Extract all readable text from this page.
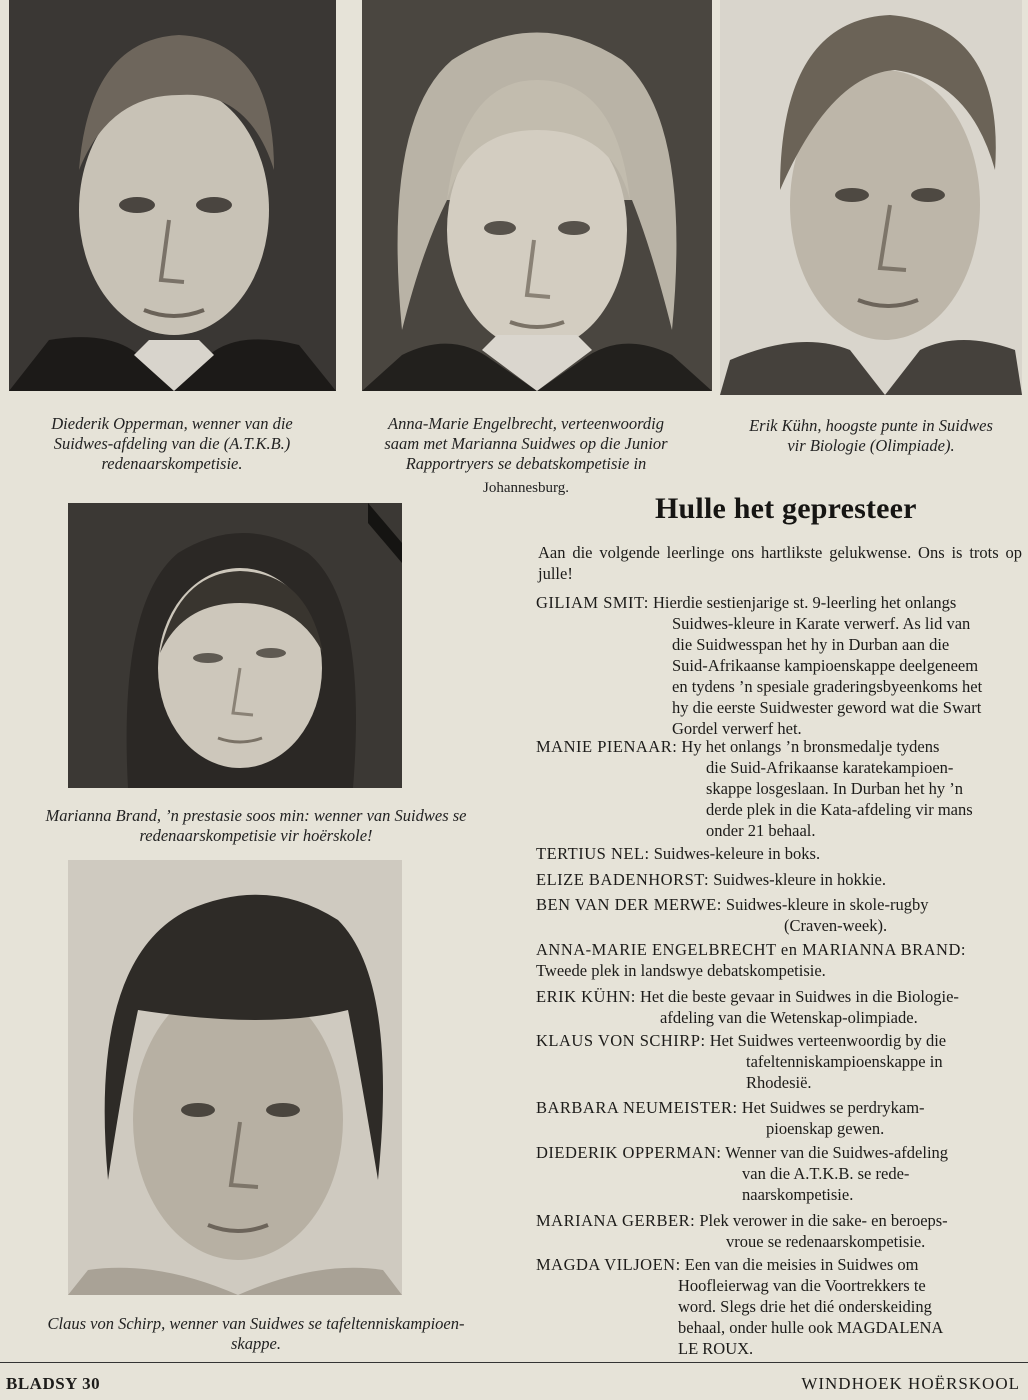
Diederik Opperman, wenner van die
Suidwes-afdeling van die (A.T.K.B.)
redenaarskompetisie.
Anna-Marie Engelbrecht, verteenwoordig
saam met Marianna Suidwes op die Junior
Rapportryers se debatskompetisie in
Johannesburg.
Erik Kühn, hoogste punte in Suidwes
vir Biologie (Olimpiade).
Marianna Brand, ’n prestasie soos min: wenner van Suidwes se
redenaarskompetisie vir hoërskole!
Claus von Schirp, wenner van Suidwes se tafeltenniskampioen-
skappe.
Hulle het gepresteer
Aan die volgende leerlinge ons hartlikste gelukwense. Ons is trots op julle!
GILIAM SMIT: Hierdie sestienjarige st. 9-leerling het onlangs
Suidwes-kleure in Karate verwerf. As lid van
die Suidwesspan het hy in Durban aan die
Suid-Afrikaanse kampioenskappe deelgeneem
en tydens ’n spesiale graderingsbyeenkoms het
hy die eerste Suidwester geword wat die Swart
Gordel verwerf het.
MANIE PIENAAR: Hy het onlangs ’n bronsmedalje tydens
die Suid-Afrikaanse karatekampioen-
skappe losgeslaan. In Durban het hy ’n
derde plek in die Kata-afdeling vir mans
onder 21 behaal.
TERTIUS NEL: Suidwes-keleure in boks.
ELIZE BADENHORST: Suidwes-kleure in hokkie.
BEN VAN DER MERWE: Suidwes-kleure in skole-rugby
(Craven-week).
ANNA-MARIE ENGELBRECHT en MARIANNA BRAND:
Tweede plek in landswye debatskompetisie.
ERIK KÜHN: Het die beste gevaar in Suidwes in die Biologie-
afdeling van die Wetenskap-olimpiade.
KLAUS VON SCHIRP: Het Suidwes verteenwoordig by die
tafeltenniskampioenskappe in
Rhodesië.
BARBARA NEUMEISTER: Het Suidwes se perdrykam-
pioenskap gewen.
DIEDERIK OPPERMAN: Wenner van die Suidwes-afdeling
van die A.T.K.B. se rede-
naarskompetisie.
MARIANA GERBER: Plek verower in die sake- en beroeps-
vroue se redenaarskompetisie.
MAGDA VILJOEN: Een van die meisies in Suidwes om
Hoofleierwag van die Voortrekkers te
word. Slegs drie het dié onderskeiding
behaal, onder hulle ook MAGDALENA
LE ROUX.
BLADSY 30	WINDHOEK HOËRSKOOL
